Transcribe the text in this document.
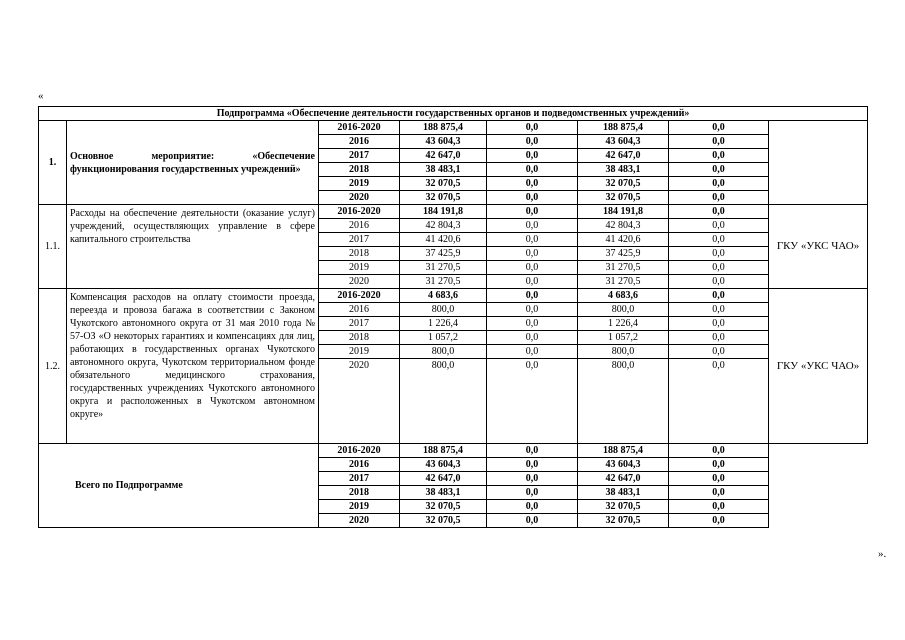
«
Подпрограмма «Обеспечение деятельности государственных органов и подведомственных учреждений»							
1.	Основное мероприятие: «Обеспечение функционирования государственных учреждений»	2016-2020	188 875,4	0,0	188 875,4	0,0	
		2016	43 604,3	0,0	43 604,3	0,0	
		2017	42 647,0	0,0	42 647,0	0,0	
		2018	38 483,1	0,0	38 483,1	0,0	
		2019	32 070,5	0,0	32 070,5	0,0	
		2020	32 070,5	0,0	32 070,5	0,0	
1.1.	Расходы на обеспечение деятельности (оказание услуг) учреждений, осуществляющих управление в сфере капитального строительства	2016-2020	184 191,8	0,0	184 191,8	0,0	ГКУ «УКС ЧАО»
		2016	42 804,3	0,0	42 804,3	0,0	
		2017	41 420,6	0,0	41 420,6	0,0	
		2018	37 425,9	0,0	37 425,9	0,0	
		2019	31 270,5	0,0	31 270,5	0,0	
		2020	31 270,5	0,0	31 270,5	0,0	
1.2.	Компенсация расходов на оплату стоимости проезда, переезда и провоза багажа в соответствии с Законом Чукотского автономного округа от 31 мая 2010 года № 57-ОЗ «О некоторых гарантиях и компенсациях для лиц, работающих в государственных органах Чукотского автономного округа, Чукотском территориальном фонде обязательного медицинского страхования, государственных учреждениях Чукотского автономного округа и расположенных в Чукотском автономном округе»	2016-2020	4 683,6	0,0	4 683,6	0,0	ГКУ «УКС ЧАО»
		2016	800,0	0,0	800,0	0,0	
		2017	1 226,4	0,0	1 226,4	0,0	
		2018	1 057,2	0,0	1 057,2	0,0	
		2019	800,0	0,0	800,0	0,0	
		2020	800,0	0,0	800,0	0,0	
Всего по Подпрограмме		2016-2020	188 875,4	0,0	188 875,4	0,0	
		2016	43 604,3	0,0	43 604,3	0,0	
		2017	42 647,0	0,0	42 647,0	0,0	
		2018	38 483,1	0,0	38 483,1	0,0	
		2019	32 070,5	0,0	32 070,5	0,0	
		2020	32 070,5	0,0	32 070,5	0,0	
».
